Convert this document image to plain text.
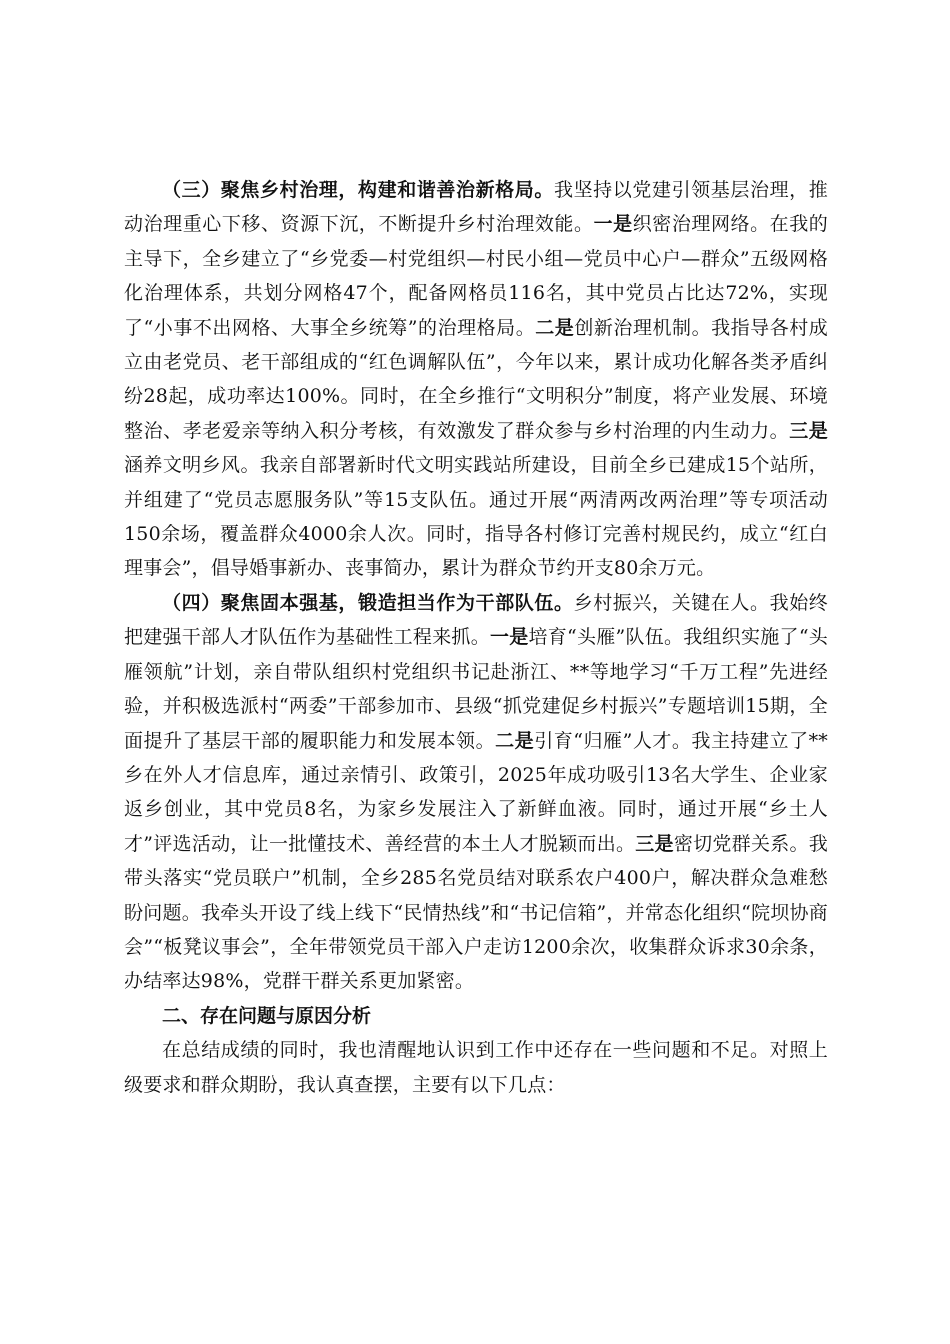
（三）聚焦乡村治理，构建和谐善治新格局。我坚持以党建引领基层治理，推动治理重心下移、资源下沉，不断提升乡村治理效能。一是织密治理网络。在我的主导下，全乡建立了“乡党委—村党组织—村民小组—党员中心户—群众”五级网格化治理体系，共划分网格47个，配备网格员116名，其中党员占比达72%，实现了“小事不出网格、大事全乡统筹”的治理格局。二是创新治理机制。我指导各村成立由老党员、老干部组成的“红色调解队伍”，今年以来，累计成功化解各类矛盾纠纷28起，成功率达100%。同时，在全乡推行“文明积分”制度，将产业发展、环境整治、孝老爱亲等纳入积分考核，有效激发了群众参与乡村治理的内生动力。三是涵养文明乡风。我亲自部署新时代文明实践站所建设，目前全乡已建成15个站所，并组建了“党员志愿服务队”等15支队伍。通过开展“两清两改两治理”等专项活动150余场，覆盖群众4000余人次。同时，指导各村修订完善村规民约，成立“红白理事会”，倡导婚事新办、丧事简办，累计为群众节约开支80余万元。

（四）聚焦固本强基，锻造担当作为干部队伍。乡村振兴，关键在人。我始终把建强干部人才队伍作为基础性工程来抓。一是培育“头雁”队伍。我组织实施了“头雁领航”计划，亲自带队组织村党组织书记赴浙江、**等地学习“千万工程”先进经验，并积极选派村“两委”干部参加市、县级“抓党建促乡村振兴”专题培训15期，全面提升了基层干部的履职能力和发展本领。二是引育“归雁”人才。我主持建立了**乡在外人才信息库，通过亲情引、政策引，2025年成功吸引13名大学生、企业家返乡创业，其中党员8名，为家乡发展注入了新鲜血液。同时，通过开展“乡土人才”评选活动，让一批懂技术、善经营的本土人才脱颖而出。三是密切党群关系。我带头落实“党员联户”机制，全乡285名党员结对联系农户400户，解决群众急难愁盼问题。我牵头开设了线上线下“民情热线”和“书记信箱”，并常态化组织“院坝协商会”“板凳议事会”，全年带领党员干部入户走访1200余次，收集群众诉求30余条，办结率达98%，党群干群关系更加紧密。

二、存在问题与原因分析

在总结成绩的同时，我也清醒地认识到工作中还存在一些问题和不足。对照上级要求和群众期盼，我认真查摆，主要有以下几点：
